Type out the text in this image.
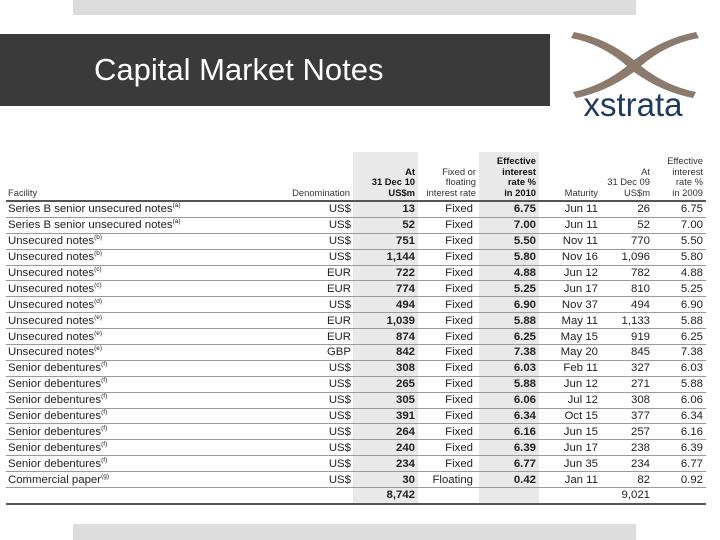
Capital Market Notes
xstrata
Facility	Denomination	At
31 Dec 10
US$m	Fixed or
floating
interest rate	Effective
interest
rate %
in 2010	Maturity	At
31 Dec 09
US$m	Effective
interest
rate %
in 2009
Series B senior unsecured notes$^{(a)}$	US$	13	Fixed	6.75	Jun 11	26	6.75
Series B senior unsecured notes$^{(a)}$	US$	52	Fixed	7.00	Jun 11	52	7.00
Unsecured notes$^{(b)}$	US$	751	Fixed	5.50	Nov 11	770	5.50
Unsecured notes$^{(b)}$	US$	1,144	Fixed	5.80	Nov 16	1,096	5.80
Unsecured notes$^{(c)}$	EUR	722	Fixed	4.88	Jun 12	782	4.88
Unsecured notes$^{(c)}$	EUR	774	Fixed	5.25	Jun 17	810	5.25
Unsecured notes$^{(d)}$	US$	494	Fixed	6.90	Nov 37	494	6.90
Unsecured notes$^{(e)}$	EUR	1,039	Fixed	5.88	May 11	1,133	5.88
Unsecured notes$^{(e)}$	EUR	874	Fixed	6.25	May 15	919	6.25
Unsecured notes$^{(e)}$	GBP	842	Fixed	7.38	May 20	845	7.38
Senior debentures$^{(f)}$	US$	308	Fixed	6.03	Feb 11	327	6.03
Senior debentures$^{(f)}$	US$	265	Fixed	5.88	Jun 12	271	5.88
Senior debentures$^{(f)}$	US$	305	Fixed	6.06	Jul 12	308	6.06
Senior debentures$^{(f)}$	US$	391	Fixed	6.34	Oct 15	377	6.34
Senior debentures$^{(f)}$	US$	264	Fixed	6.16	Jun 15	257	6.16
Senior debentures$^{(f)}$	US$	240	Fixed	6.39	Jun 17	238	6.39
Senior debentures$^{(f)}$	US$	234	Fixed	6.77	Jun 35	234	6.77
Commercial paper$^{(g)}$	US$	30	Floating	0.42	Jan 11	82	0.92
		8,742				9,021	
